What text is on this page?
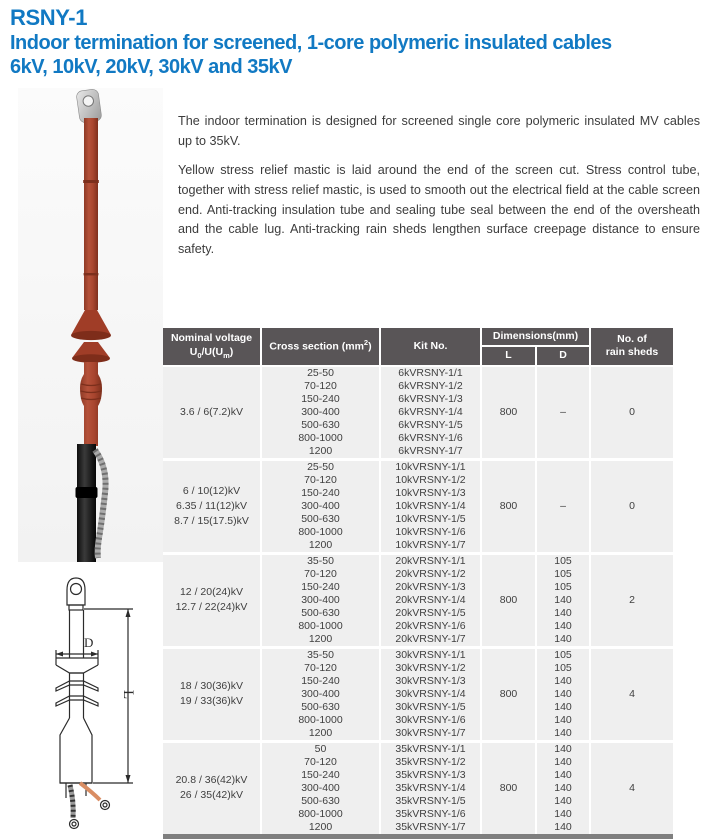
RSNY-1
Indoor termination for screened, 1-core polymeric insulated cables
6kV, 10kV, 20kV, 30kV and 35kV

The indoor termination is designed for screened single core polymeric insulated MV cables up to 35kV.

Yellow stress relief mastic is laid around the end of the screen cut. Stress control tube, together with stress relief mastic, is used to smooth out the electrical field at the cable screen end. Anti-tracking insulation tube and sealing tube seal between the end of the oversheath and the cable lug. Anti-tracking rain sheds lengthen surface creepage distance to ensure safety.

D
L
Nominal voltage
$U_0/U(U_m)$	Cross section $(mm^2)$	Kit No.	Dimensions(mm)		No. of
rain sheds
			L	D	

3.6 / 6(7.2)kV	25-50	6kVRSNY-1/1	800	–	0
	70-120	6kVRSNY-1/2			
	150-240	6kVRSNY-1/3			
	300-400	6kVRSNY-1/4			
	500-630	6kVRSNY-1/5			
	800-1000	6kVRSNY-1/6			
	1200	6kVRSNY-1/7			

6 / 10(12)kV
6.35 / 11(12)kV
8.7 / 15(17.5)kV	25-50	10kVRSNY-1/1	800	–	0
	70-120	10kVRSNY-1/2			
	150-240	10kVRSNY-1/3			
	300-400	10kVRSNY-1/4			
	500-630	10kVRSNY-1/5			
	800-1000	10kVRSNY-1/6			
	1200	10kVRSNY-1/7			

12 / 20(24)kV
12.7 / 22(24)kV	35-50	20kVRSNY-1/1	800	105	2
	70-120	20kVRSNY-1/2		105	
	150-240	20kVRSNY-1/3		105	
	300-400	20kVRSNY-1/4		140	
	500-630	20kVRSNY-1/5		140	
	800-1000	20kVRSNY-1/6		140	
	1200	20kVRSNY-1/7		140	

18 / 30(36)kV
19 / 33(36)kV	35-50	30kVRSNY-1/1	800	105	4
	70-120	30kVRSNY-1/2		105	
	150-240	30kVRSNY-1/3		140	
	300-400	30kVRSNY-1/4		140	
	500-630	30kVRSNY-1/5		140	
	800-1000	30kVRSNY-1/6		140	
	1200	30kVRSNY-1/7		140	

20.8 / 36(42)kV
26 / 35(42)kV	50	35kVRSNY-1/1	800	140	4
	70-120	35kVRSNY-1/2		140	
	150-240	35kVRSNY-1/3		140	
	300-400	35kVRSNY-1/4		140	
	500-630	35kVRSNY-1/5		140	
	800-1000	35kVRSNY-1/6		140	
	1200	35kVRSNY-1/7		140	
